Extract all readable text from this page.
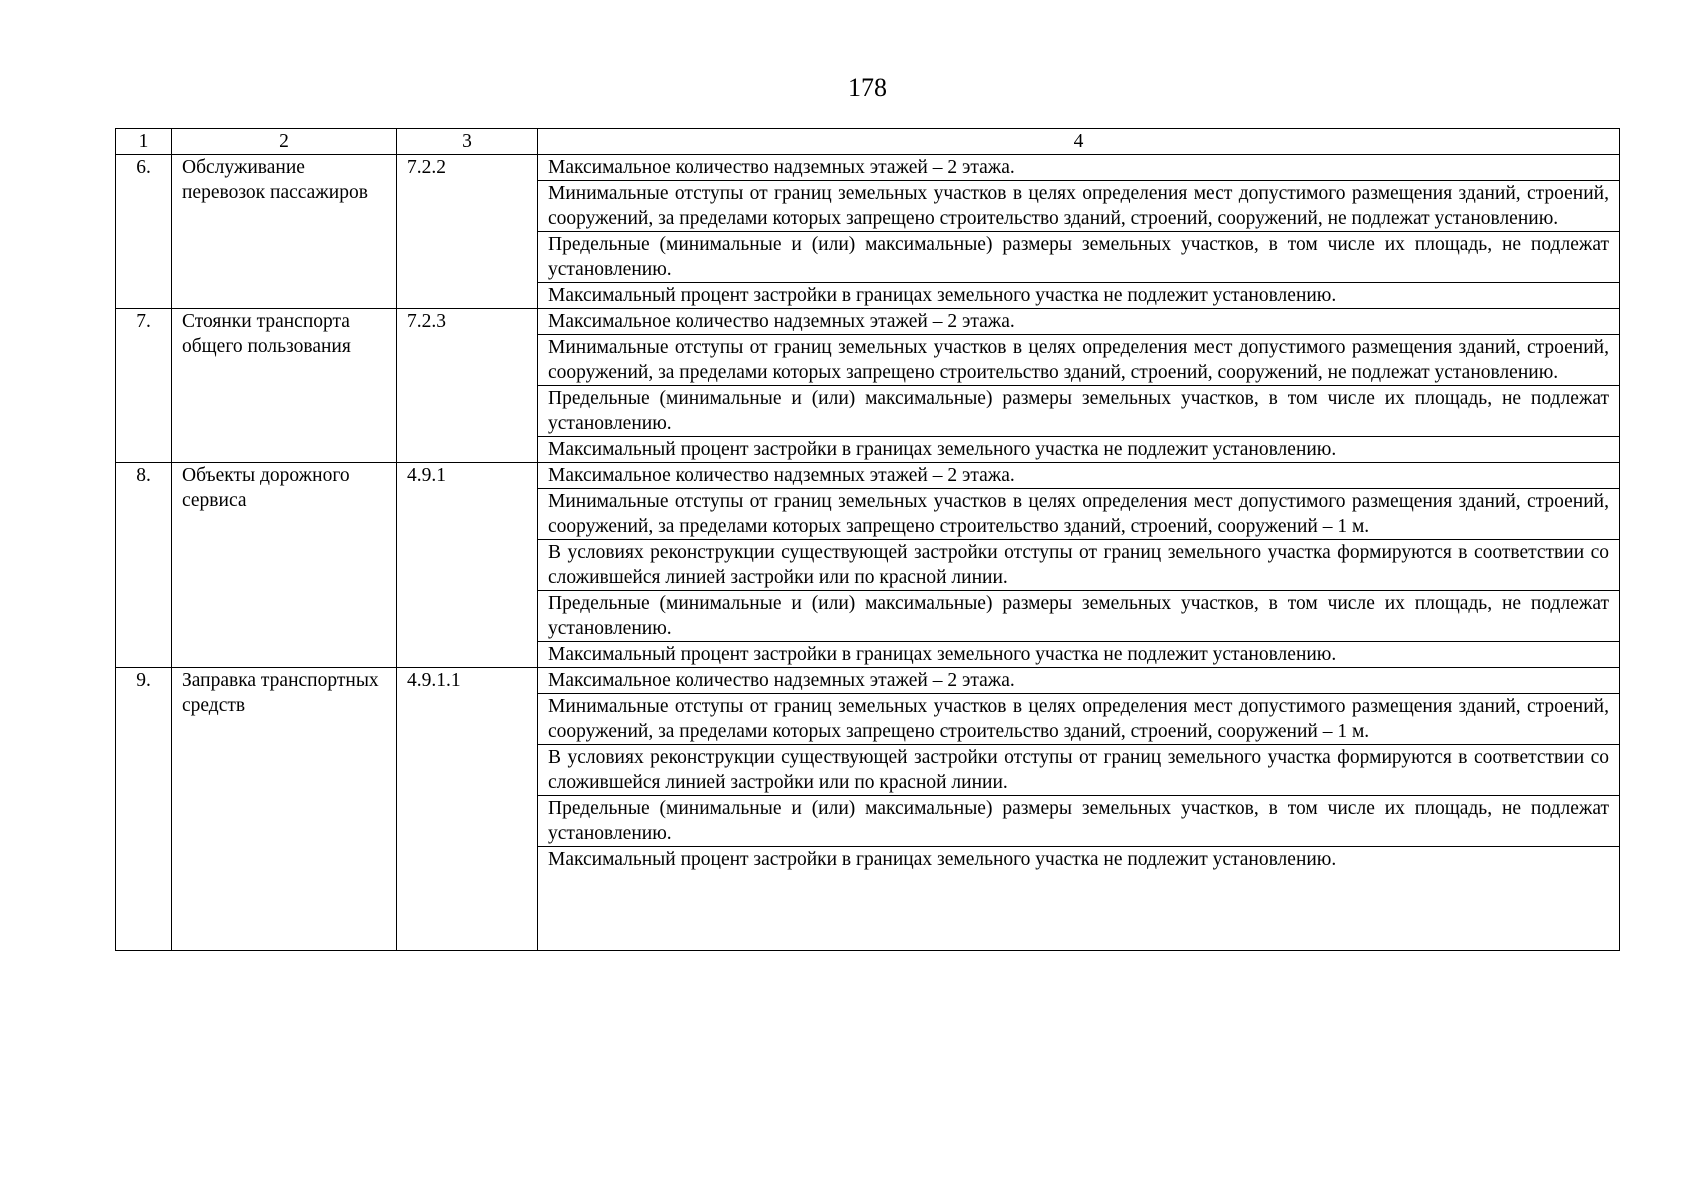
178
1	2	3	4
6.	Обслуживание перевозок пассажиров	7.2.2	Максимальное количество надземных этажей – 2 этажа.
			Минимальные отступы от границ земельных участков в целях определения мест допустимого размещения зданий, строений, сооружений, за пределами которых запрещено строительство зданий, строений, сооружений, не подлежат установлению.
			Предельные (минимальные и (или) максимальные) размеры земельных участков, в том числе их площадь, не подлежат установлению.
			Максимальный процент застройки в границах земельного участка не подлежит установлению.
7.	Стоянки транспорта общего пользования	7.2.3	Максимальное количество надземных этажей – 2 этажа.
			Минимальные отступы от границ земельных участков в целях определения мест допустимого размещения зданий, строений, сооружений, за пределами которых запрещено строительство зданий, строений, сооружений, не подлежат установлению.
			Предельные (минимальные и (или) максимальные) размеры земельных участков, в том числе их площадь, не подлежат установлению.
			Максимальный процент застройки в границах земельного участка не подлежит установлению.
8.	Объекты дорожного сервиса	4.9.1	Максимальное количество надземных этажей – 2 этажа.
			Минимальные отступы от границ земельных участков в целях определения мест допустимого размещения зданий, строений, сооружений, за пределами которых запрещено строительство зданий, строений, сооружений – 1 м.
			В условиях реконструкции существующей застройки отступы от границ земельного участка формируются в соответствии со сложившейся линией застройки или по красной линии.
			Предельные (минимальные и (или) максимальные) размеры земельных участков, в том числе их площадь, не подлежат установлению.
			Максимальный процент застройки в границах земельного участка не подлежит установлению.
9.	Заправка транспортных средств	4.9.1.1	Максимальное количество надземных этажей – 2 этажа.
			Минимальные отступы от границ земельных участков в целях определения мест допустимого размещения зданий, строений, сооружений, за пределами которых запрещено строительство зданий, строений, сооружений – 1 м.
			В условиях реконструкции существующей застройки отступы от границ земельного участка формируются в соответствии со сложившейся линией застройки или по красной линии.
			Предельные (минимальные и (или) максимальные) размеры земельных участков, в том числе их площадь, не подлежат установлению.
			Максимальный процент застройки в границах земельного участка не подлежит установлению.
